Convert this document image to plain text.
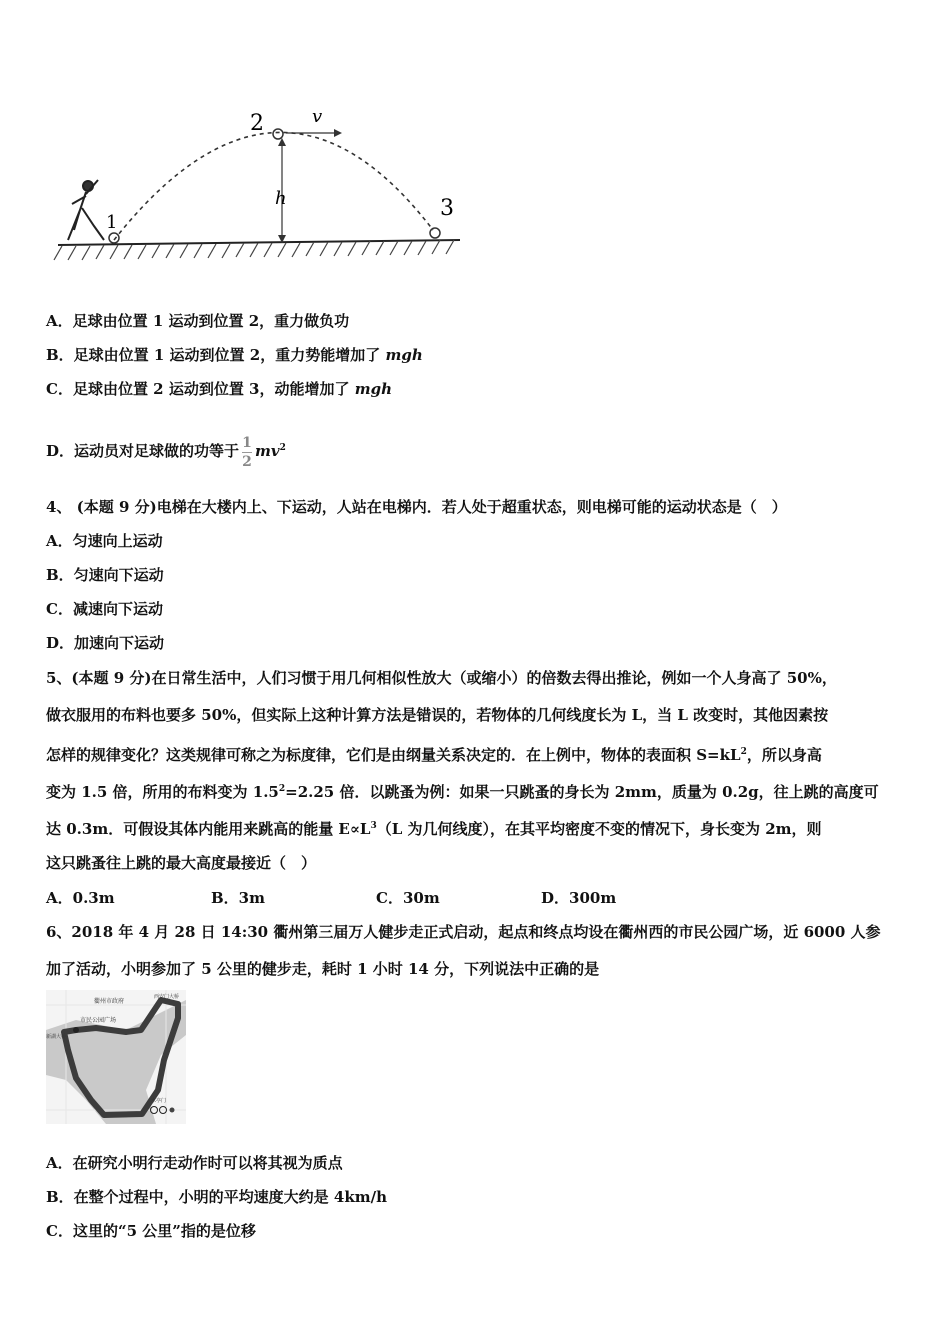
1
2
3
h
v
A．足球由位置 1 运动到位置 2，重力做负功
B．足球由位置 1 运动到位置 2，重力势能增加了 mgh
C．足球由位置 2 运动到位置 3，动能增加了 mgh
D．运动员对足球做的功等于 $\frac{1}{2} mv^2$
4、 (本题 9 分)电梯在大楼内上、下运动，人站在电梯内．若人处于超重状态，则电梯可能的运动状态是（　）
A．匀速向上运动
B．匀速向下运动
C．减速向下运动
D．加速向下运动
5、(本题 9 分)在日常生活中，人们习惯于用几何相似性放大（或缩小）的倍数去得出推论，例如一个人身高了 50%，
做衣服用的布料也要多 50%，但实际上这种计算方法是错误的，若物体的几何线度长为 L，当 L 改变时，其他因素按
怎样的规律变化？这类规律可称之为标度律，它们是由纲量关系决定的．在上例中，物体的表面积 $S=kL^2$，所以身高
变为 1.5 倍，所用的布料变为 $1.5^2=2.25$ 倍．以跳蚤为例：如果一只跳蚤的身长为 2mm，质量为 0.2g，往上跳的高度可
达 0.3m．可假设其体内能用来跳高的能量 $E\propto L^3(L$ 为几何线度），在其平均密度不变的情况下，身长变为 2m，则
这只跳蚤往上跳的最大高度最接近（　）
A．0.3m	B．3m	C．30m	D．300m
6、2018 年 4 月 28 日 14:30 衢州第三届万人健步走正式启动，起点和终点均设在衢州西的市民公园广场，近 6000 人参
加了活动，小明参加了 5 公里的健步走，耗时 1 小时 14 分，下列说法中正确的是
衢州市政府
市民公园广场
西安门大桥
新湖大桥
水亭门
A．在研究小明行走动作时可以将其视为质点
B．在整个过程中，小明的平均速度大约是 4km/h
C．这里的“5 公里”指的是位移
